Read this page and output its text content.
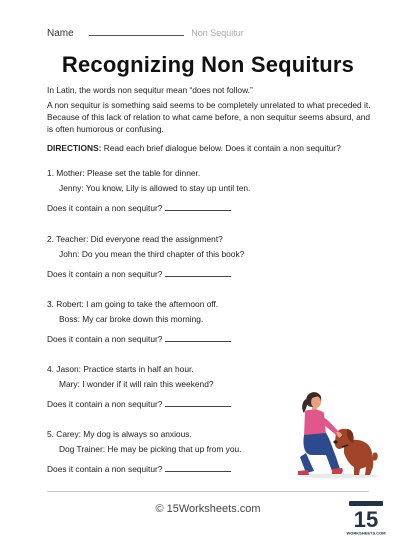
Name	Non Sequitur
Recognizing Non Sequiturs
In Latin, the words non sequitur mean “does not follow.”
A non sequitur is something said seems to be completely unrelated to what preceded it. Because of this lack of relation to what came before, a non sequitur seems absurd, and is often humorous or confusing.
DIRECTIONS: Read each brief dialogue below. Does it contain a non sequitur?
1. Mother: Please set the table for dinner.
Jenny: You know, Lily is allowed to stay up until ten.
Does it contain a non sequitur?
2. Teacher: Did everyone read the assignment?
John: Do you mean the third chapter of this book?
Does it contain a non sequitur?
3. Robert: I am going to take the afternoon off.
Boss: My car broke down this morning.
Does it contain a non sequitur?
4. Jason: Practice starts in half an hour.
Mary: I wonder if it will rain this weekend?
Does it contain a non sequitur?
5. Carey: My dog is always so anxious.
Dog Trainer: He may be picking that up from you.
Does it contain a non sequitur?
© 15Worksheets.com	15
WORKSHEETS.COM
